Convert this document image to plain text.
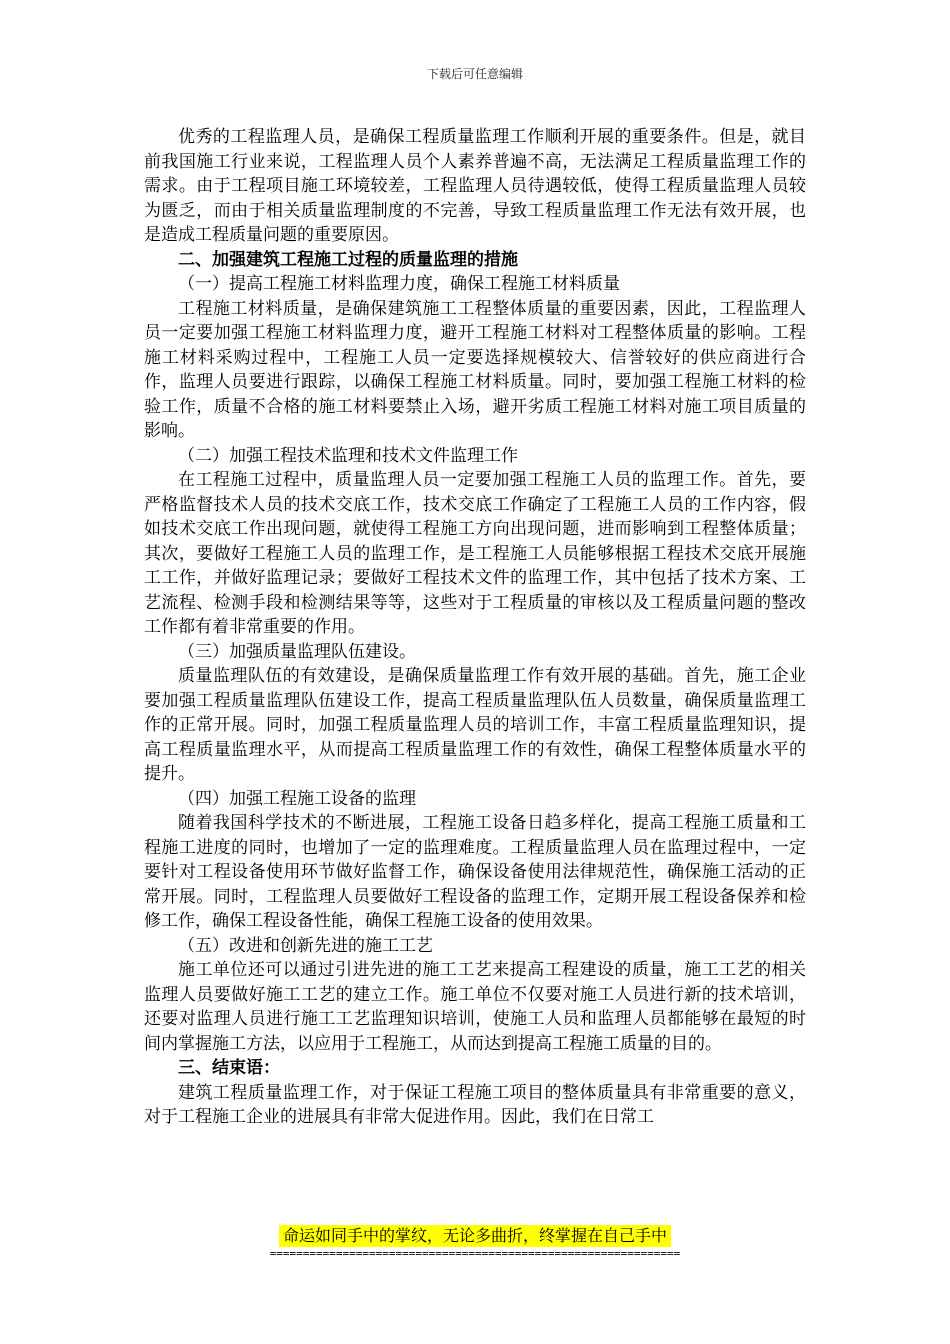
下载后可任意编辑

优秀的工程监理人员，是确保工程质量监理工作顺利开展的重要条件。但是，就目前我国施工行业来说，工程监理人员个人素养普遍不高，无法满足工程质量监理工作的需求。由于工程项目施工环境较差，工程监理人员待遇较低，使得工程质量监理人员较为匮乏，而由于相关质量监理制度的不完善，导致工程质量监理工作无法有效开展，也是造成工程质量问题的重要原因。

二、加强建筑工程施工过程的质量监理的措施
（一）提高工程施工材料监理力度，确保工程施工材料质量

工程施工材料质量，是确保建筑施工工程整体质量的重要因素，因此，工程监理人员一定要加强工程施工材料监理力度，避开工程施工材料对工程整体质量的影响。工程施工材料采购过程中，工程施工人员一定要选择规模较大、信誉较好的供应商进行合作，监理人员要进行跟踪，以确保工程施工材料质量。同时，要加强工程施工材料的检验工作，质量不合格的施工材料要禁止入场，避开劣质工程施工材料对施工项目质量的影响。

（二）加强工程技术监理和技术文件监理工作

在工程施工过程中，质量监理人员一定要加强工程施工人员的监理工作。首先，要严格监督技术人员的技术交底工作，技术交底工作确定了工程施工人员的工作内容，假如技术交底工作出现问题，就使得工程施工方向出现问题，进而影响到工程整体质量；其次，要做好工程施工人员的监理工作，是工程施工人员能够根据工程技术交底开展施工工作，并做好监理记录；要做好工程技术文件的监理工作，其中包括了技术方案、工艺流程、检测手段和检测结果等等，这些对于工程质量的审核以及工程质量问题的整改工作都有着非常重要的作用。

（三）加强质量监理队伍建设。

质量监理队伍的有效建设，是确保质量监理工作有效开展的基础。首先，施工企业要加强工程质量监理队伍建设工作，提高工程质量监理队伍人员数量，确保质量监理工作的正常开展。同时，加强工程质量监理人员的培训工作，丰富工程质量监理知识，提高工程质量监理水平，从而提高工程质量监理工作的有效性，确保工程整体质量水平的提升。

（四）加强工程施工设备的监理

随着我国科学技术的不断进展，工程施工设备日趋多样化，提高工程施工质量和工程施工进度的同时，也增加了一定的监理难度。工程质量监理人员在监理过程中，一定要针对工程设备使用环节做好监督工作，确保设备使用法律规范性，确保施工活动的正常开展。同时，工程监理人员要做好工程设备的监理工作，定期开展工程设备保养和检修工作，确保工程设备性能，确保工程施工设备的使用效果。

（五）改进和创新先进的施工工艺

施工单位还可以通过引进先进的施工工艺来提高工程建设的质量，施工工艺的相关监理人员要做好施工工艺的建立工作。施工单位不仅要对施工人员进行新的技术培训，还要对监理人员进行施工工艺监理知识培训，使施工人员和监理人员都能够在最短的时间内掌握施工方法，以应用于工程施工，从而达到提高工程施工质量的目的。

三、结束语：

建筑工程质量监理工作，对于保证工程施工项目的整体质量具有非常重要的意义，对于工程施工企业的进展具有非常大促进作用。因此，我们在日常工

命运如同手中的掌纹，无论多曲折，终掌握在自己手中
==============================================================
